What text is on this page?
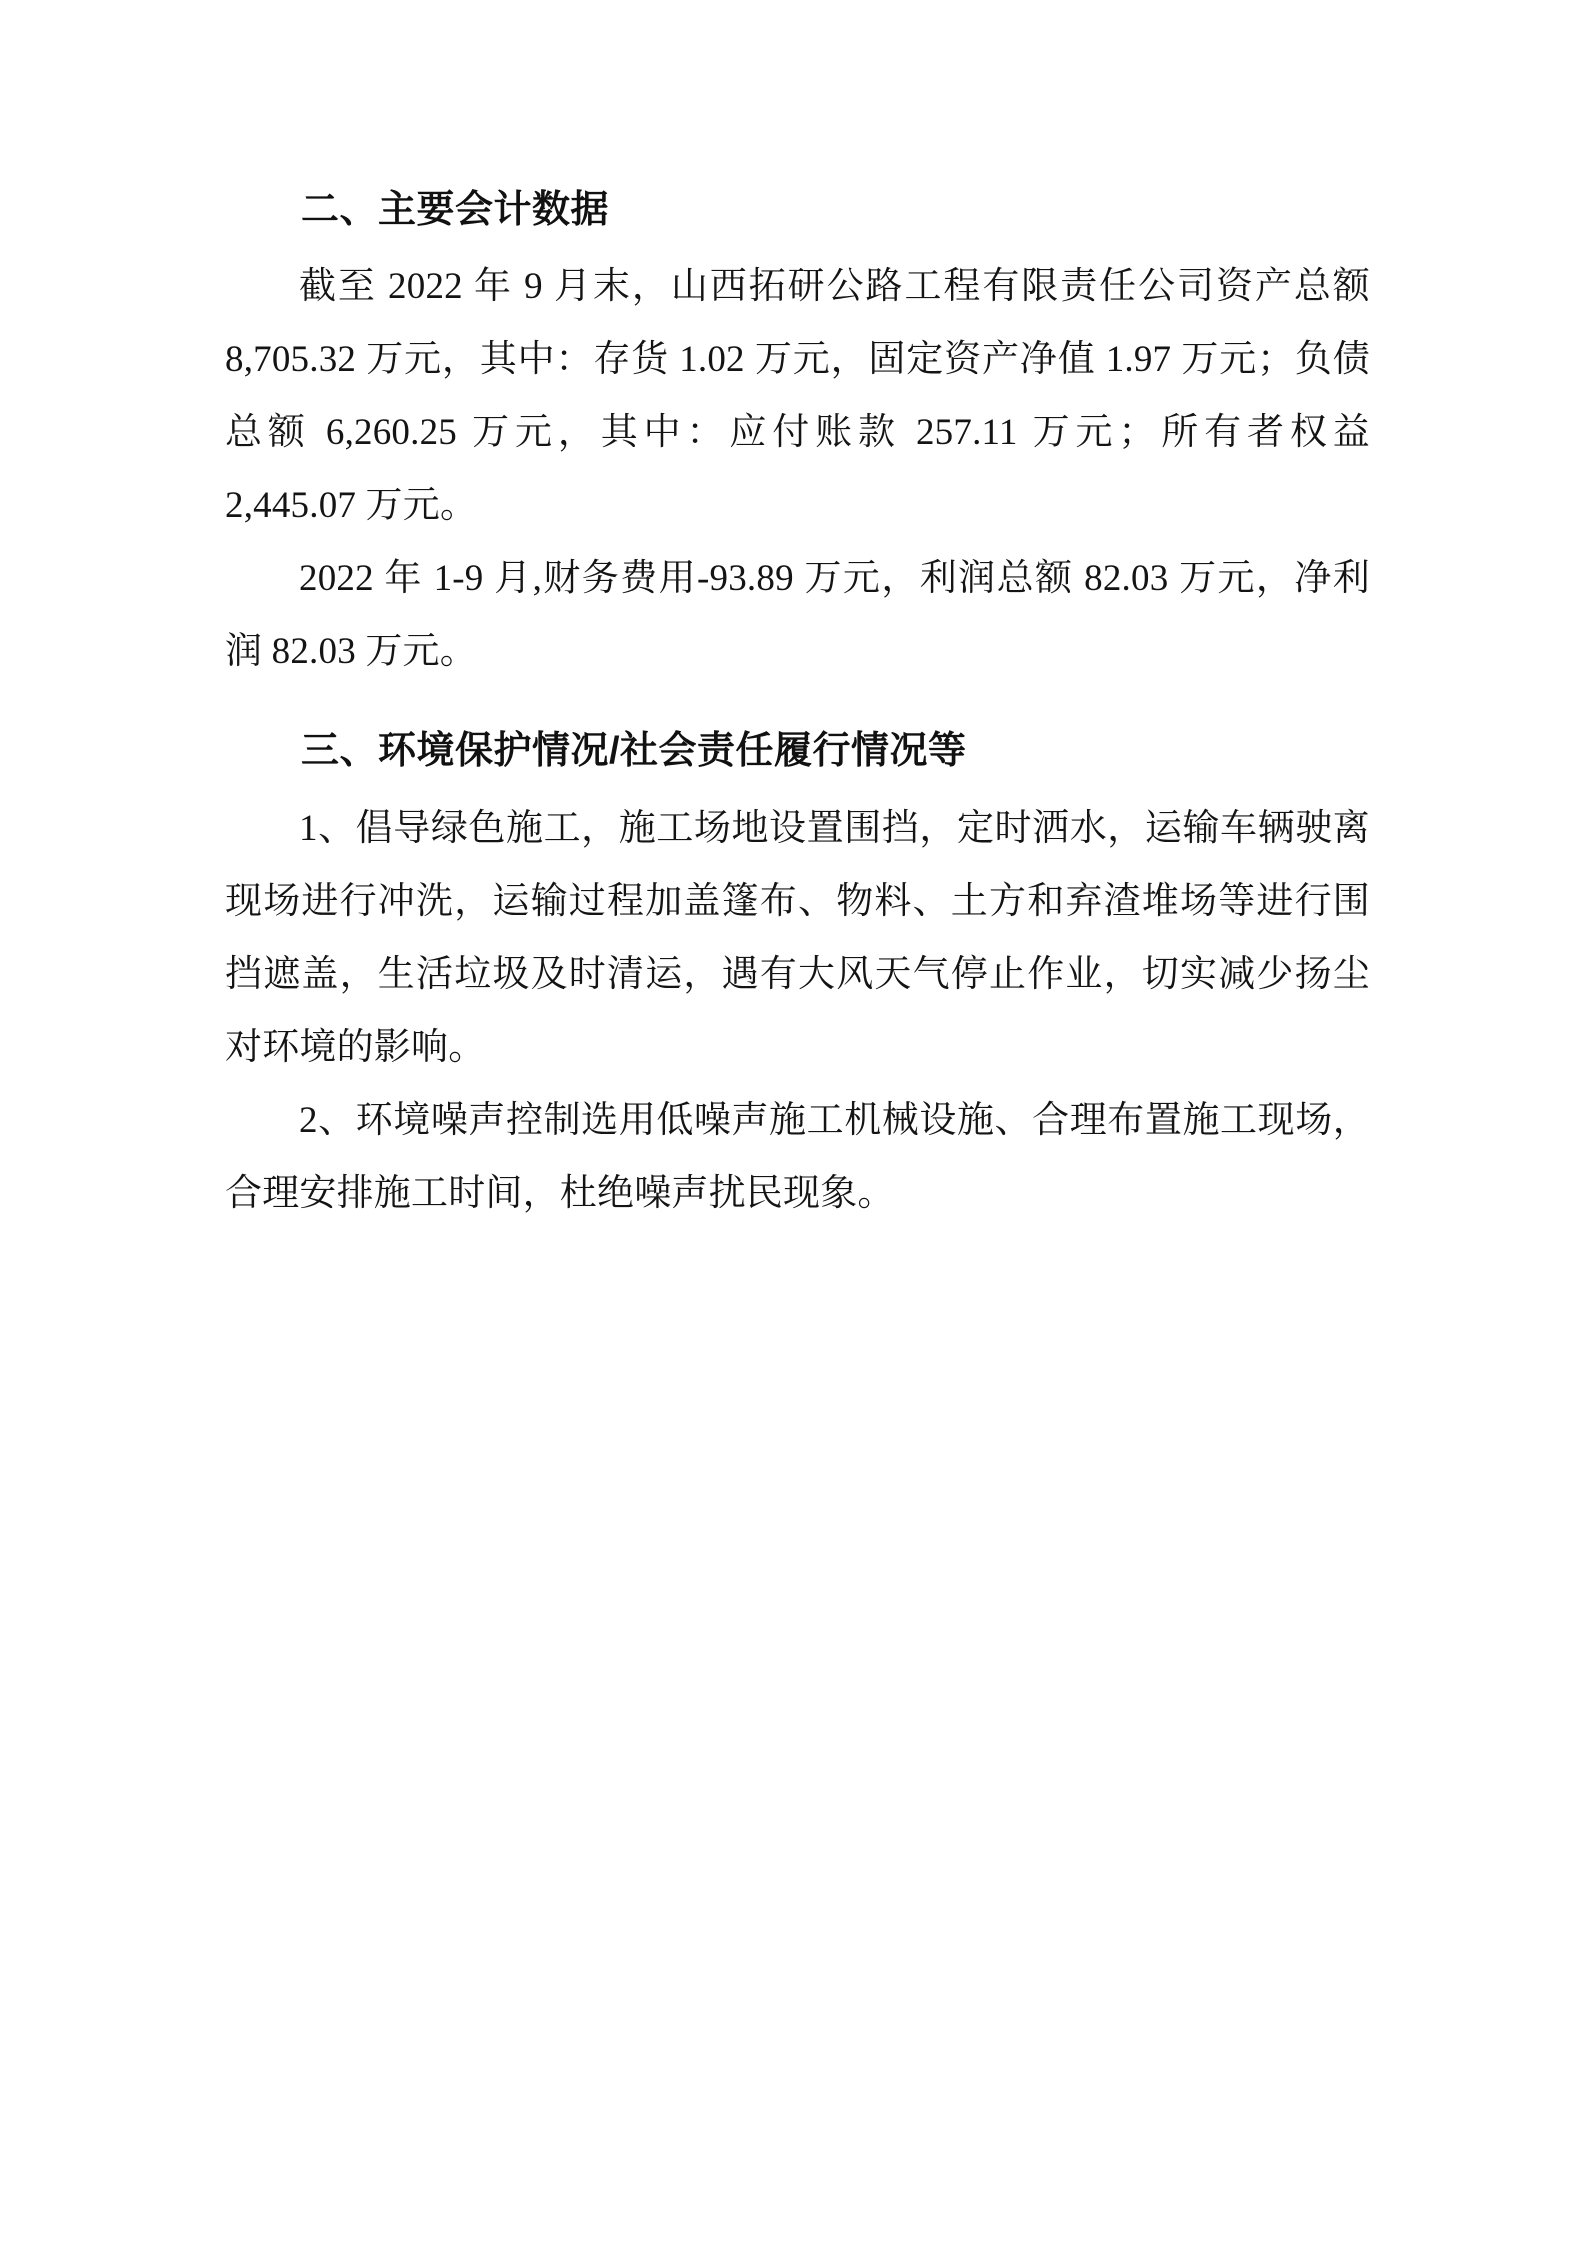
二、主要会计数据

截至 2022 年 9 月末，山西拓研公路工程有限责任公司资产总额 8,705.32 万元，其中：存货 1.02 万元，固定资产净值 1.97 万元；负债总额 6,260.25 万元，其中：应付账款 257.11 万元；所有者权益 2,445.07 万元。

2022 年 1-9 月,财务费用-93.89 万元，利润总额 82.03 万元，净利润 82.03 万元。

三、环境保护情况/社会责任履行情况等

1、倡导绿色施工，施工场地设置围挡，定时洒水，运输车辆驶离现场进行冲洗，运输过程加盖篷布、物料、土方和弃渣堆场等进行围挡遮盖，生活垃圾及时清运，遇有大风天气停止作业，切实减少扬尘对环境的影响。

2、环境噪声控制选用低噪声施工机械设施、合理布置施工现场，合理安排施工时间，杜绝噪声扰民现象。
